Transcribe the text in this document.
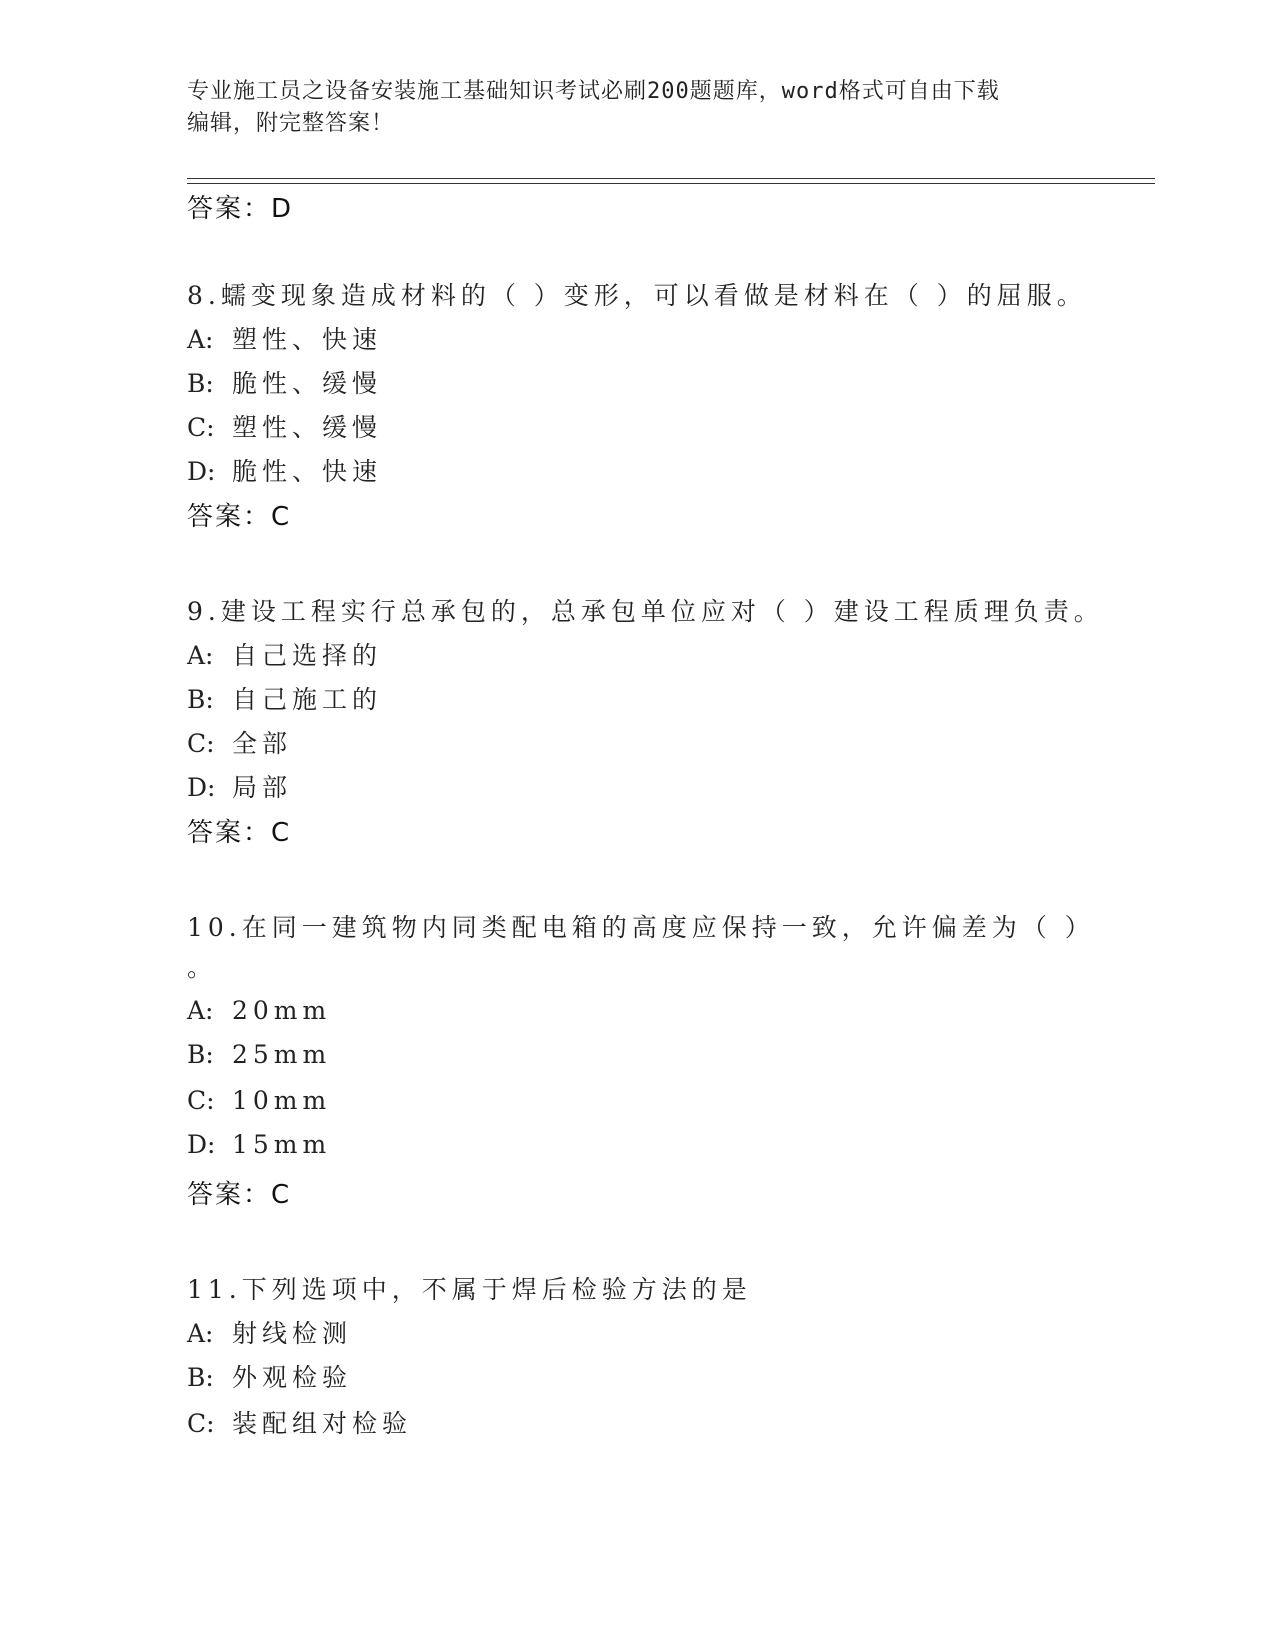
专业施工员之设备安装施工基础知识考试必刷200题题库，word格式可自由下载
编辑，附完整答案！
答案：D
8.蠕变现象造成材料的（ ）变形，可以看做是材料在（ ）的屈服。
A: 塑性、快速
B: 脆性、缓慢
C: 塑性、缓慢
D: 脆性、快速
答案：C
9.建设工程实行总承包的，总承包单位应对（ ）建设工程质理负责。
A: 自己选择的
B: 自己施工的
C: 全部
D: 局部
答案：C
10.在同一建筑物内同类配电箱的高度应保持一致，允许偏差为（ ）
。
A: 20mm
B: 25mm
C: 10mm
D: 15mm
答案：C
11.下列选项中，不属于焊后检验方法的是
A: 射线检测
B: 外观检验
C: 装配组对检验
